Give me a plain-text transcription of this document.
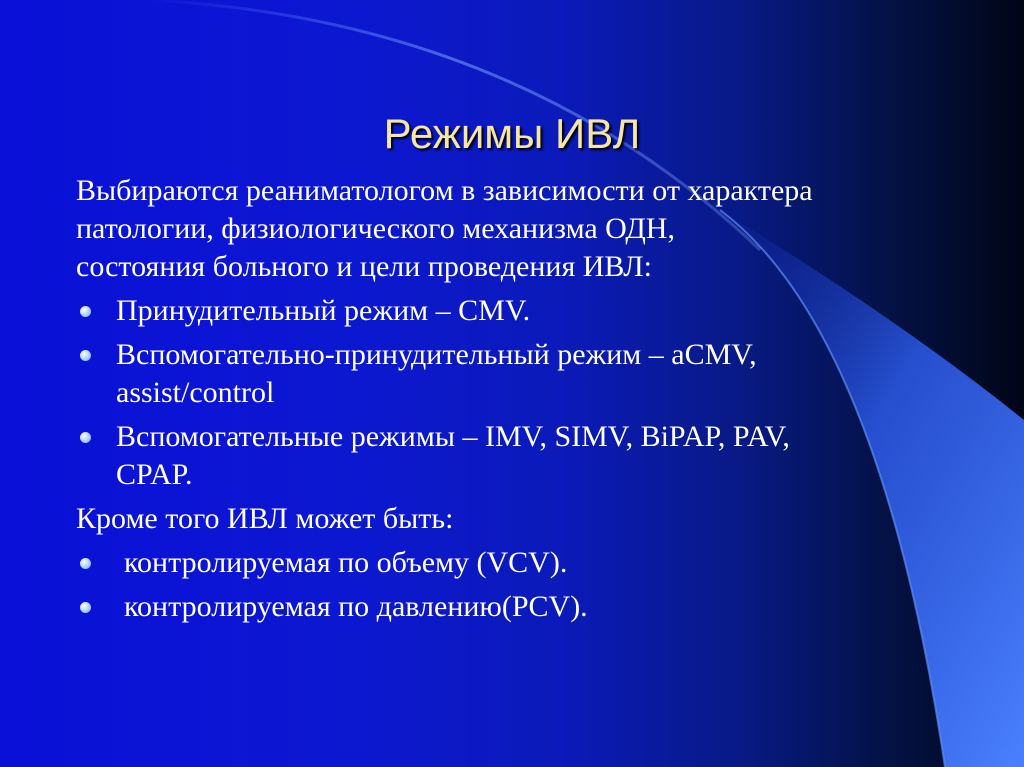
Режимы ИВЛ

Выбираются реаниматологом в зависимости от характера
патологии, физиологического механизма ОДН,
состояния больного и цели проведения ИВЛ:

Принудительный режим – CMV.
Вспомогательно-принудительный режим – аCMV,
assist/control
Вспомогательные режимы – IMV, SIMV, BiPAP, PAV,
CPAP.

Кроме того ИВЛ может быть:

контролируемая по объему (VCV).
контролируемая по давлению(PCV).
